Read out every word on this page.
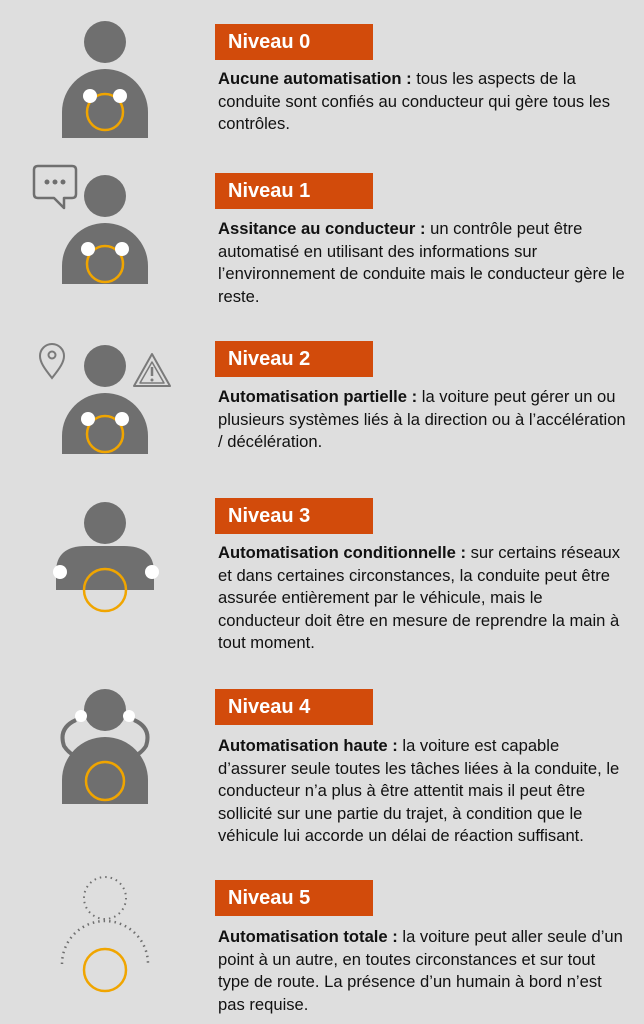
Niveau 0
Aucune automatisation : tous les aspects de la conduite sont confiés au conducteur qui gère tous les contrôles.
Niveau 1
Assitance au conducteur : un contrôle peut être automatisé en utilisant des informations sur l’environnement de conduite mais le conducteur gère le reste.
Niveau 2
Automatisation partielle : la voiture peut gérer un ou plusieurs systèmes liés à la direction ou à l’accélération / décélération.
Niveau 3
Automatisation conditionnelle : sur certains réseaux et dans certaines circonstances, la conduite peut être assurée entièrement par le véhicule, mais le conducteur doit être en mesure de reprendre la main à tout moment.
Niveau 4
Automatisation haute : la voiture est capable d’assurer seule toutes les tâches liées à la conduite, le conducteur n’a plus à être attentit mais il peut être sollicité sur une partie du trajet, à condition que le véhicule lui accorde un délai de réaction suffisant.
Niveau 5
Automatisation totale : la voiture peut aller seule d’un point à un autre, en toutes circonstances et sur tout type de route. La présence d’un humain à bord n’est pas requise.
